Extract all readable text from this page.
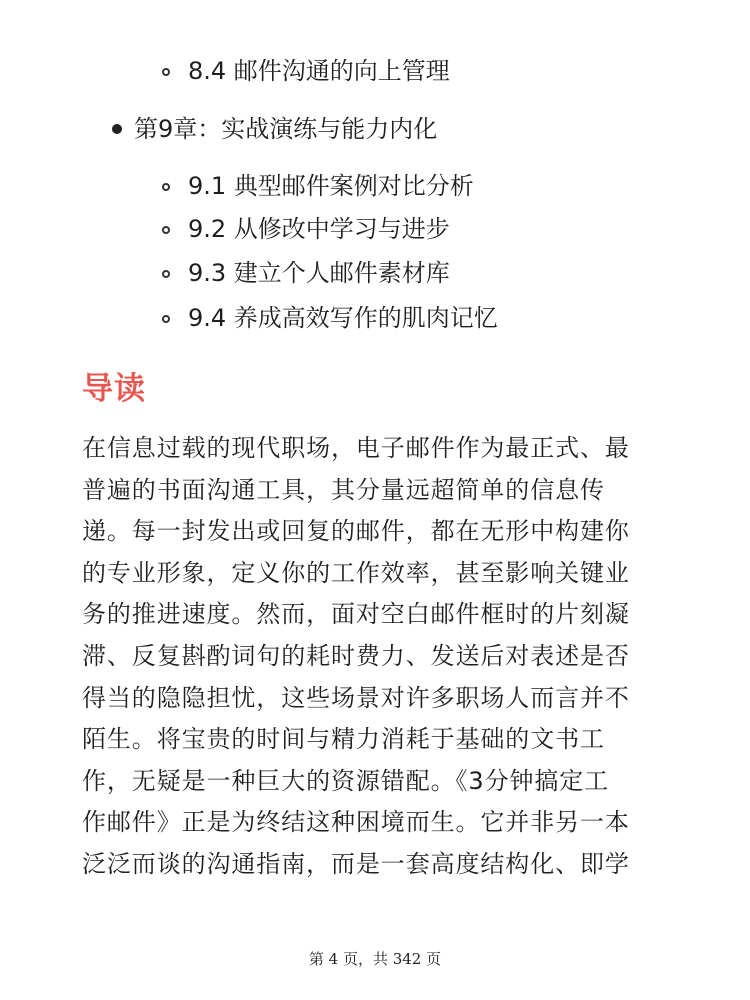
8.4 邮件沟通的向上管理
第9章：实战演练与能力内化
9.1 典型邮件案例对比分析
9.2 从修改中学习与进步
9.3 建立个人邮件素材库
9.4 养成高效写作的肌肉记忆
导读
在信息过载的现代职场，电子邮件作为最正式、最
普遍的书面沟通工具，其分量远超简单的信息传
递。每一封发出或回复的邮件，都在无形中构建你
的专业形象，定义你的工作效率，甚至影响关键业
务的推进速度。然而，面对空白邮件框时的片刻凝
滞、反复斟酌词句的耗时费力、发送后对表述是否
得当的隐隐担忧，这些场景对许多职场人而言并不
陌生。将宝贵的时间与精力消耗于基础的文书工
作，无疑是一种巨大的资源错配。《3分钟搞定工
作邮件》正是为终结这种困境而生。它并非另一本
泛泛而谈的沟通指南，而是一套高度结构化、即学
第 4 页，共 342 页
